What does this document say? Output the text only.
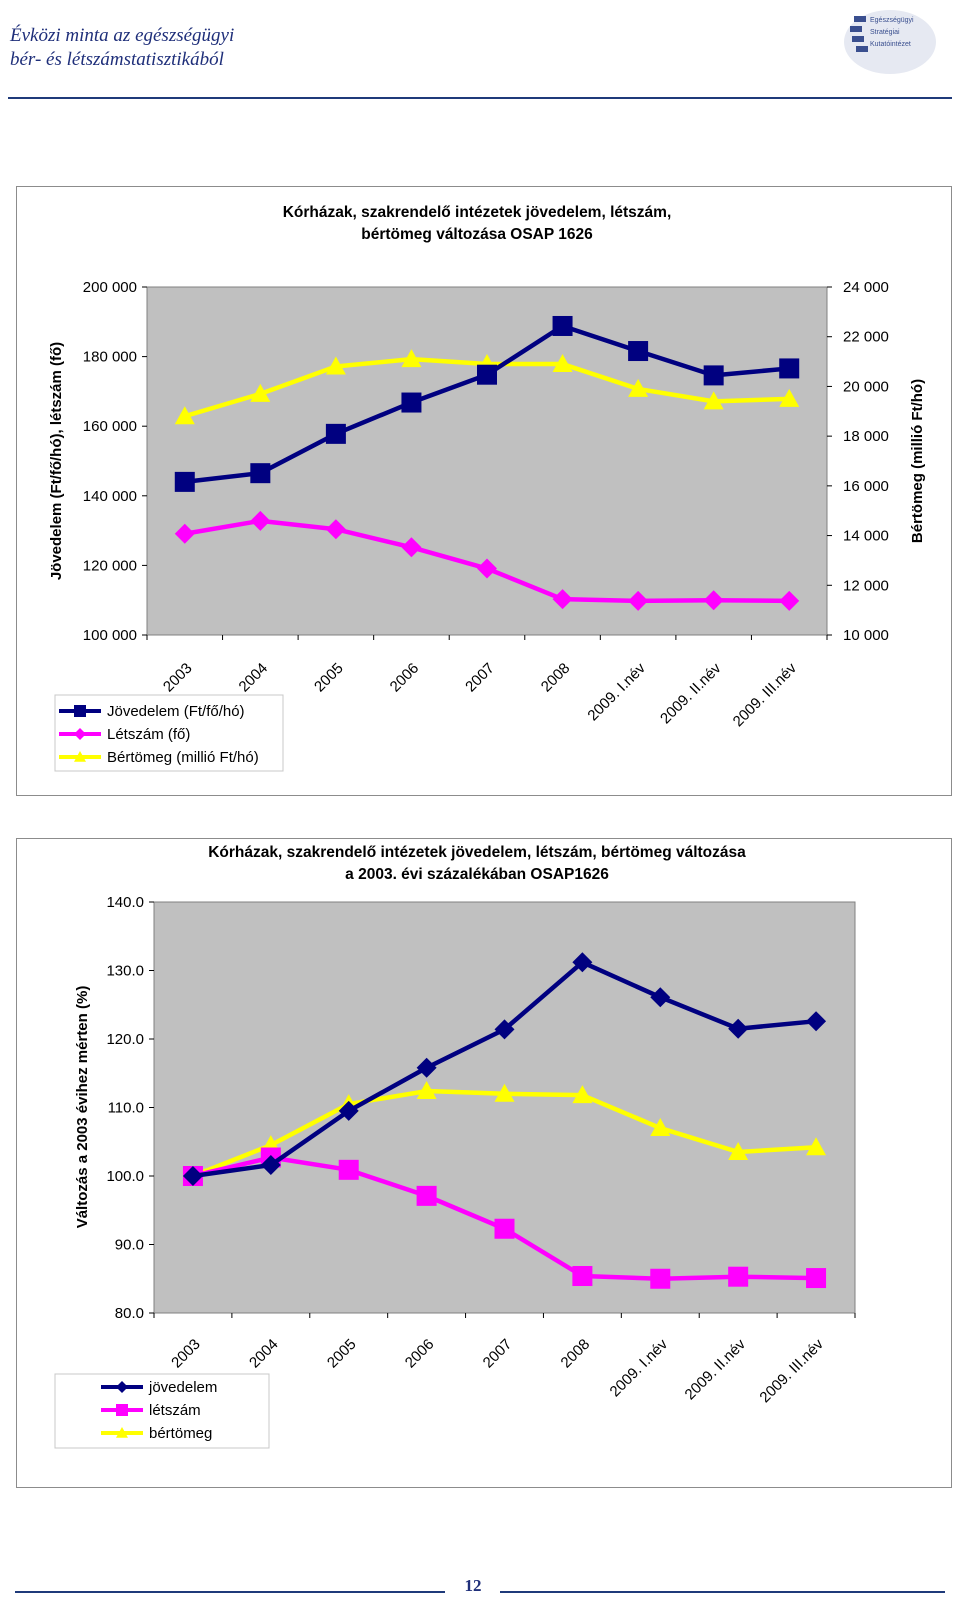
Évközi minta az egészségügyi
bér- és létszámstatisztikából
Egészségügyi
Stratégiai
Kutatóintézet
Kórházak, szakrendelő intézetek jövedelem, létszám,
bértömeg változása OSAP 1626
Jövedelem (Ft/fő/hó), létszám (fő)	Bértömeg (millió Ft/hó)
100 000
120 000
140 000
160 000
180 000
200 000
10 000
12 000
14 000
16 000
18 000
20 000
22 000
24 000
2003	2004	2005	2006	2007	2008 2009. I.név 2009. II.név 2009. III.név
Jövedelem (Ft/fő/hó)
Létszám (fő)
Bértömeg (millió Ft/hó)
Kórházak, szakrendelő intézetek jövedelem, létszám, bértömeg változása
a 2003. évi százalékában OSAP1626
Változás a 2003 évihez mérten (%)
80.0
90.0
100.0
110.0
120.0
130.0
140.0
2003	2004	2005	2006	2007	2008 2009. I.név 2009. II.név 2009. III.név
jövedelem
létszám
bértömeg
12
